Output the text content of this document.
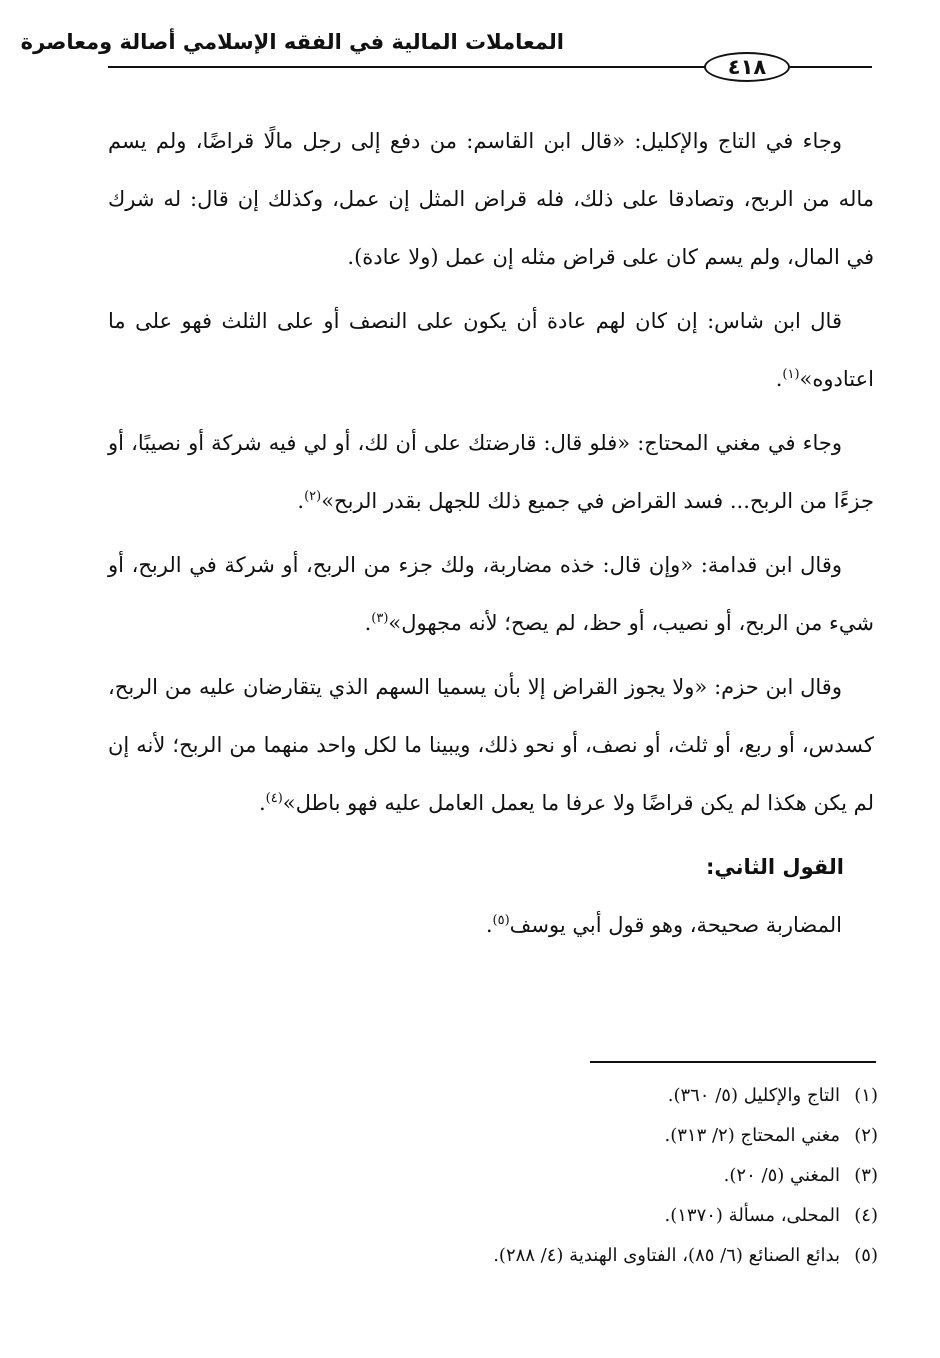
المعاملات المالية في الفقه الإسلامي أصالة ومعاصرة
٤١٨

وجاء في التاج والإكليل: «قال ابن القاسم: من دفع إلى رجل مالًا قراضًا، ولم يسم ماله من الربح، وتصادقا على ذلك، فله قراض المثل إن عمل، وكذلك إن قال: له شرك في المال، ولم يسم كان على قراض مثله إن عمل (ولا عادة).

قال ابن شاس: إن كان لهم عادة أن يكون على النصف أو على الثلث فهو على ما اعتادوه»$^{(١)}$.

وجاء في مغني المحتاج: «فلو قال: قارضتك على أن لك، أو لي فيه شركة أو نصيبًا، أو جزءًا من الربح... فسد القراض في جميع ذلك للجهل بقدر الربح»$^{(٢)}$.

وقال ابن قدامة: «وإن قال: خذه مضاربة، ولك جزء من الربح، أو شركة في الربح، أو شيء من الربح، أو نصيب، أو حظ، لم يصح؛ لأنه مجهول»$^{(٣)}$.

وقال ابن حزم: «ولا يجوز القراض إلا بأن يسميا السهم الذي يتقارضان عليه من الربح، كسدس، أو ربع، أو ثلث، أو نصف، أو نحو ذلك، ويبينا ما لكل واحد منهما من الربح؛ لأنه إن لم يكن هكذا لم يكن قراضًا ولا عرفا ما يعمل العامل عليه فهو باطل»$^{(٤)}$.

القول الثاني:

المضاربة صحيحة، وهو قول أبي يوسف$^{(٥)}$.

(١)التاج والإكليل (٥/ ٣٦٠).
(٢)مغني المحتاج (٢/ ٣١٣).
(٣)المغني (٥/ ٢٠).
(٤)المحلى، مسألة (١٣٧٠).
(٥)بدائع الصنائع (٦/ ٨٥)، الفتاوى الهندية (٤/ ٢٨٨).
